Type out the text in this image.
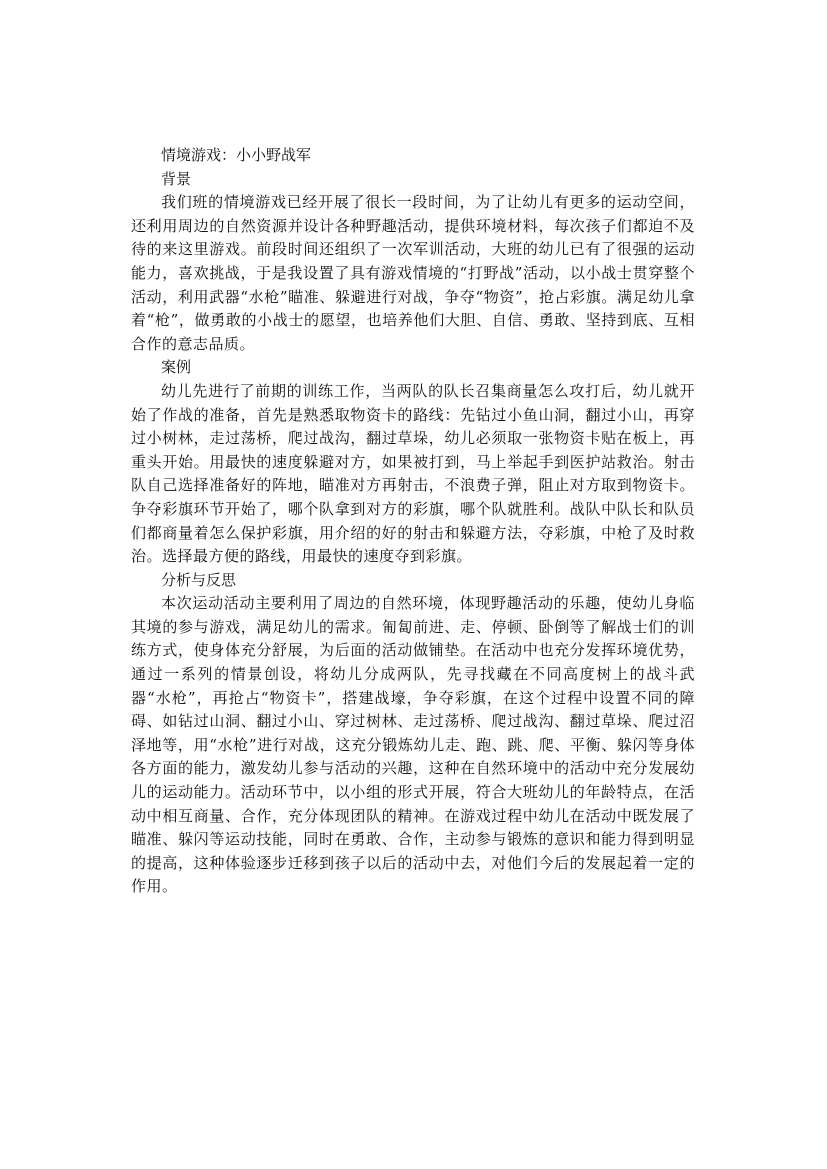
情境游戏：小小野战军

背景

我们班的情境游戏已经开展了很长一段时间，为了让幼儿有更多的运动空间，还利用周边的自然资源并设计各种野趣活动，提供环境材料，每次孩子们都迫不及待的来这里游戏。前段时间还组织了一次军训活动，大班的幼儿已有了很强的运动能力，喜欢挑战，于是我设置了具有游戏情境的“打野战”活动，以小战士贯穿整个活动，利用武器“水枪”瞄准、躲避进行对战，争夺“物资”，抢占彩旗。满足幼儿拿着“枪”，做勇敢的小战士的愿望，也培养他们大胆、自信、勇敢、坚持到底、互相合作的意志品质。

案例

幼儿先进行了前期的训练工作，当两队的队长召集商量怎么攻打后，幼儿就开始了作战的准备，首先是熟悉取物资卡的路线：先钻过小鱼山洞，翻过小山，再穿过小树林，走过荡桥，爬过战沟，翻过草垛，幼儿必须取一张物资卡贴在板上，再重头开始。用最快的速度躲避对方，如果被打到，马上举起手到医护站救治。射击队自己选择准备好的阵地，瞄准对方再射击，不浪费子弹，阻止对方取到物资卡。争夺彩旗环节开始了，哪个队拿到对方的彩旗，哪个队就胜利。战队中队长和队员们都商量着怎么保护彩旗，用介绍的好的射击和躲避方法，夺彩旗，中枪了及时救治。选择最方便的路线，用最快的速度夺到彩旗。

分析与反思

本次运动活动主要利用了周边的自然环境，体现野趣活动的乐趣，使幼儿身临其境的参与游戏，满足幼儿的需求。匍匐前进、走、停顿、卧倒等了解战士们的训练方式，使身体充分舒展，为后面的活动做铺垫。在活动中也充分发挥环境优势，通过一系列的情景创设，将幼儿分成两队，先寻找藏在不同高度树上的战斗武器“水枪”，再抢占“物资卡”，搭建战壕，争夺彩旗，在这个过程中设置不同的障碍、如钻过山洞、翻过小山、穿过树林、走过荡桥、爬过战沟、翻过草垛、爬过沼泽地等，用“水枪”进行对战，这充分锻炼幼儿走、跑、跳、爬、平衡、躲闪等身体各方面的能力，激发幼儿参与活动的兴趣，这种在自然环境中的活动中充分发展幼儿的运动能力。活动环节中，以小组的形式开展，符合大班幼儿的年龄特点，在活动中相互商量、合作，充分体现团队的精神。在游戏过程中幼儿在活动中既发展了瞄准、躲闪等运动技能，同时在勇敢、合作，主动参与锻炼的意识和能力得到明显的提高，这种体验逐步迁移到孩子以后的活动中去，对他们今后的发展起着一定的作用。
